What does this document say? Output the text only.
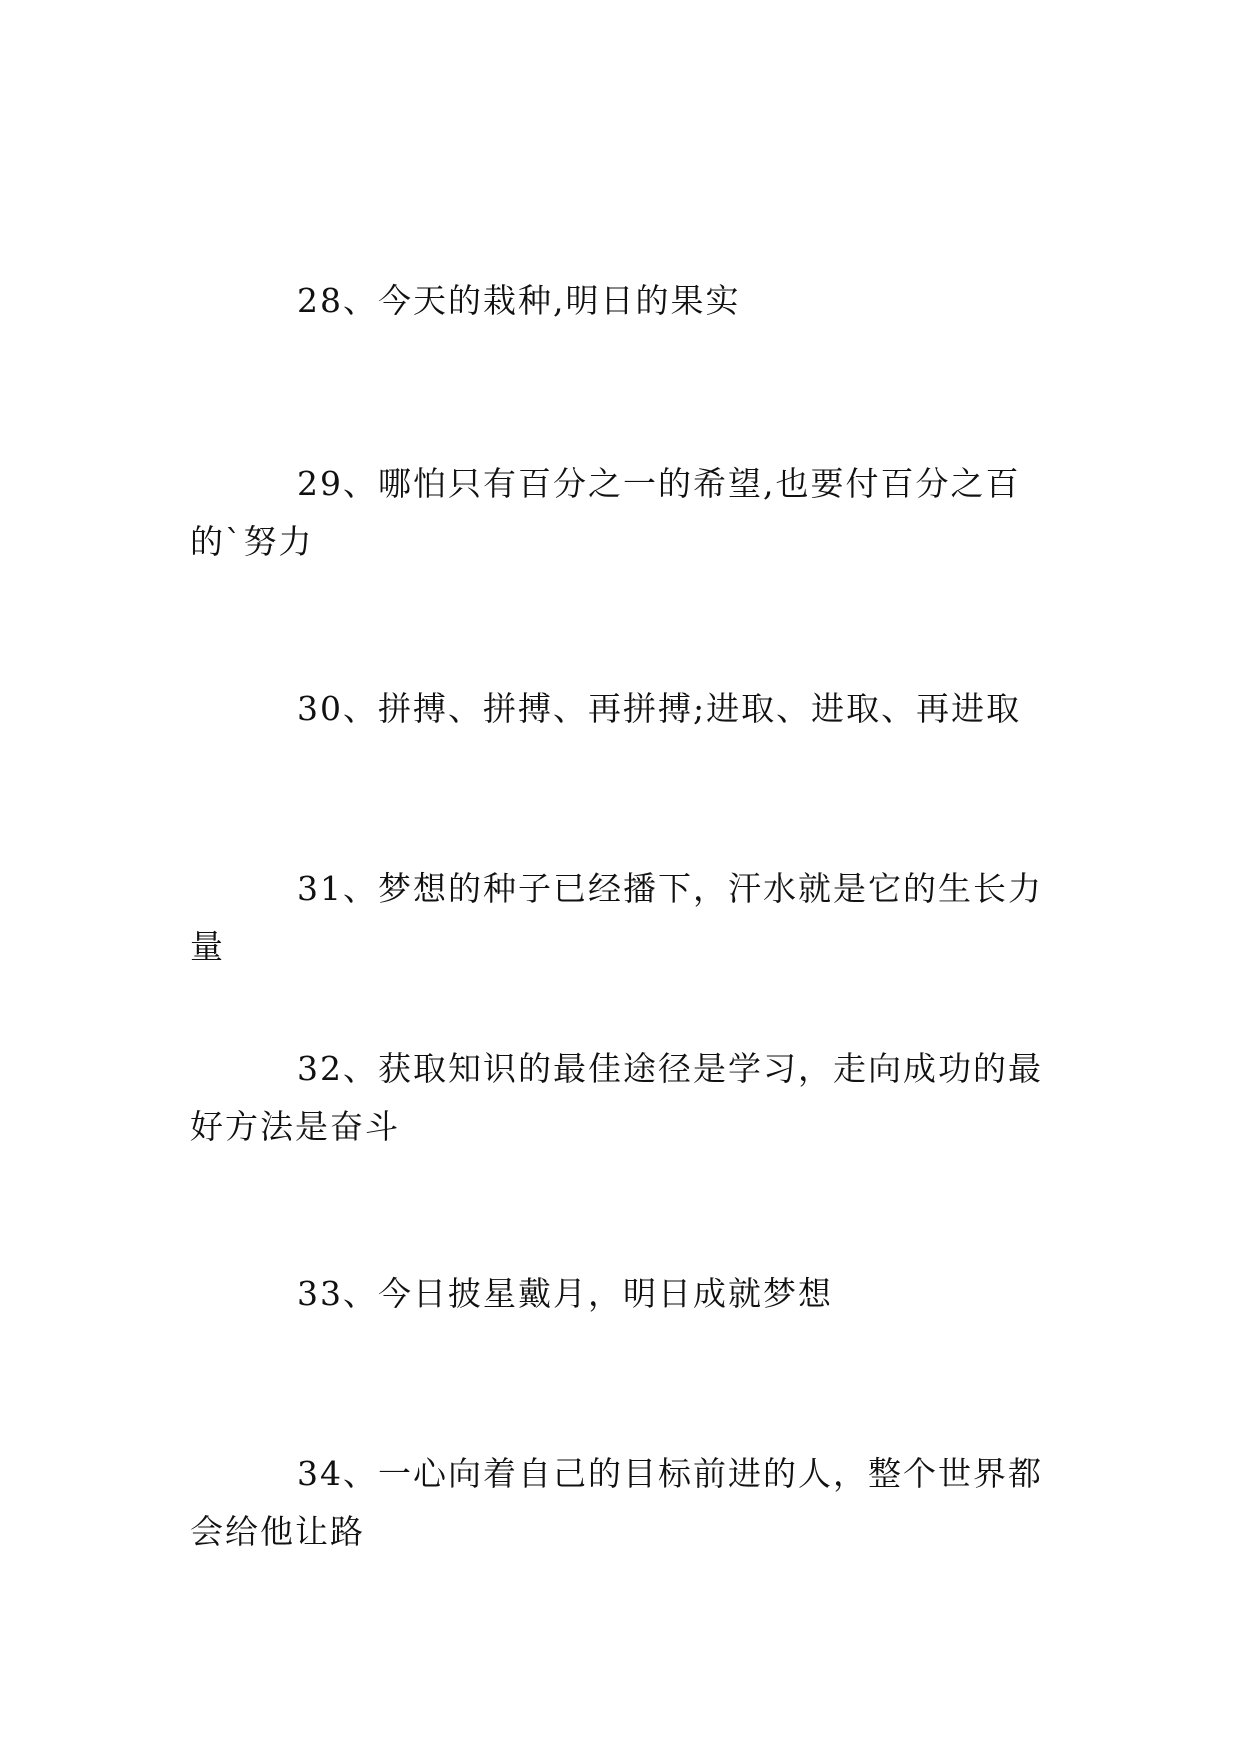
28、今天的栽种,明日的果实

29、哪怕只有百分之一的希望,也要付百分之百的`努力

30、拼搏、拼搏、再拼搏;进取、进取、再进取

31、梦想的种子已经播下，汗水就是它的生长力量

32、获取知识的最佳途径是学习，走向成功的最好方法是奋斗

33、今日披星戴月，明日成就梦想

34、一心向着自己的目标前进的人，整个世界都会给他让路
